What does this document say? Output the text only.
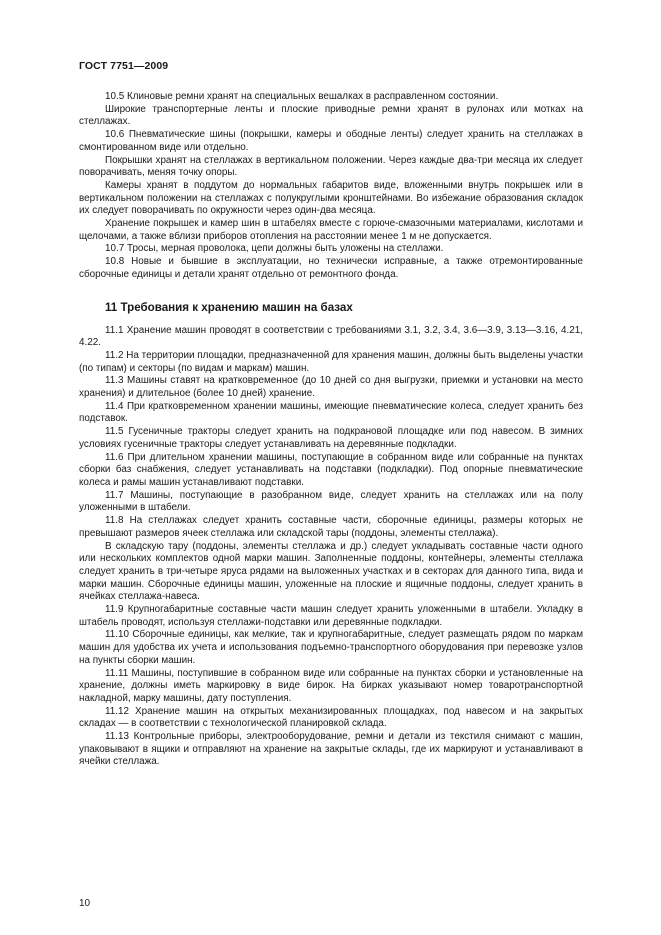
ГОСТ 7751—2009

10.5 Клиновые ремни хранят на специальных вешалках в расправленном состоянии.

Широкие транспортерные ленты и плоские приводные ремни хранят в рулонах или мотках на стеллажах.

10.6 Пневматические шины (покрышки, камеры и ободные ленты) следует хранить на стеллажах в смонтированном виде или отдельно.

Покрышки хранят на стеллажах в вертикальном положении. Через каждые два-три месяца их следует поворачивать, меняя точку опоры.

Камеры хранят в поддутом до нормальных габаритов виде, вложенными внутрь покрышек или в вертикальном положении на стеллажах с полукруглыми кронштейнами. Во избежание образования складок их следует поворачивать по окружности через один-два месяца.

Хранение покрышек и камер шин в штабелях вместе с горюче-смазочными материалами, кислотами и щелочами, а также вблизи приборов отопления на расстоянии менее 1 м не допускается.

10.7 Тросы, мерная проволока, цепи должны быть уложены на стеллажи.

10.8 Новые и бывшие в эксплуатации, но технически исправные, а также отремонтированные сборочные единицы и детали хранят отдельно от ремонтного фонда.

11 Требования к хранению машин на базах

11.1 Хранение машин проводят в соответствии с требованиями 3.1, 3.2, 3.4, 3.6—3.9, 3.13—3.16, 4.21, 4.22.

11.2 На территории площадки, предназначенной для хранения машин, должны быть выделены участки (по типам) и секторы (по видам и маркам) машин.

11.3 Машины ставят на кратковременное (до 10 дней со дня выгрузки, приемки и установки на место хранения) и длительное (более 10 дней) хранение.

11.4 При кратковременном хранении машины, имеющие пневматические колеса, следует хранить без подставок.

11.5 Гусеничные тракторы следует хранить на подкрановой площадке или под навесом. В зимних условиях гусеничные тракторы следует устанавливать на деревянные подкладки.

11.6 При длительном хранении машины, поступающие в собранном виде или собранные на пунктах сборки баз снабжения, следует устанавливать на подставки (подкладки). Под опорные пневматические колеса и рамы машин устанавливают подставки.

11.7 Машины, поступающие в разобранном виде, следует хранить на стеллажах или на полу уложенными в штабели.

11.8 На стеллажах следует хранить составные части, сборочные единицы, размеры которых не превышают размеров ячеек стеллажа или складской тары (поддоны, элементы стеллажа).

В складскую тару (поддоны, элементы стеллажа и др.) следует укладывать составные части одного или нескольких комплектов одной марки машин. Заполненные поддоны, контейнеры, элементы стеллажа следует хранить в три-четыре яруса рядами на выложенных участках и в секторах для данного типа, вида и марки машин. Сборочные единицы машин, уложенные на плоские и ящичные поддоны, следует хранить в ячейках стеллажа-навеса.

11.9 Крупногабаритные составные части машин следует хранить уложенными в штабели. Укладку в штабель проводят, используя стеллажи-подставки или деревянные подкладки.

11.10 Сборочные единицы, как мелкие, так и крупногабаритные, следует размещать рядом по маркам машин для удобства их учета и использования подъемно-транспортного оборудования при перевозке узлов на пункты сборки машин.

11.11 Машины, поступившие в собранном виде или собранные на пунктах сборки и установленные на хранение, должны иметь маркировку в виде бирок. На бирках указывают номер товаротранспортной накладной, марку машины, дату поступления.

11.12 Хранение машин на открытых механизированных площадках, под навесом и на закрытых складах — в соответствии с технологической планировкой склада.

11.13 Контрольные приборы, электрооборудование, ремни и детали из текстиля снимают с машин, упаковывают в ящики и отправляют на хранение на закрытые склады, где их маркируют и устанавливают в ячейки стеллажа.

10
